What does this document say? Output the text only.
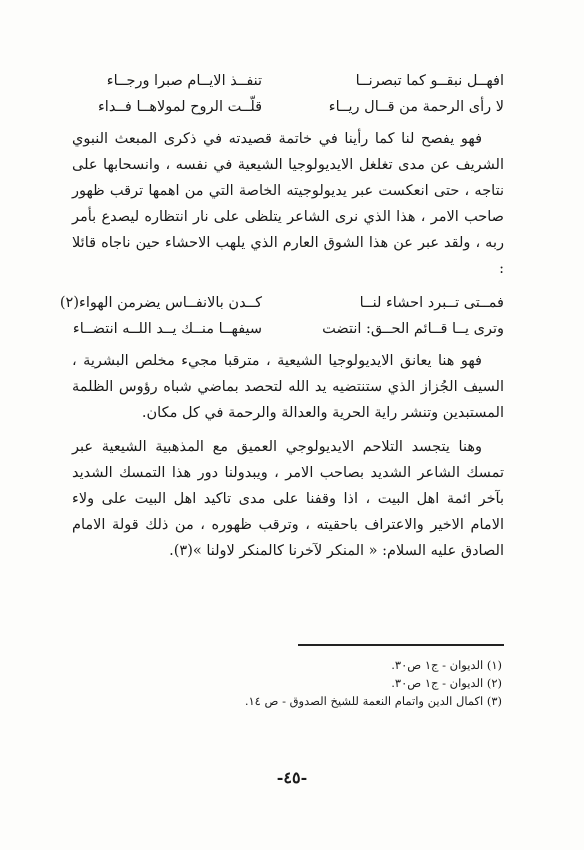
افهــل نبقــو كما تبصرنــا
تنفــذ الايــام صبرا ورجــاء
لا رأى الرحمة من قــال ريــاء
قلّــت الروح لمولاهــا فــداء

فهو يفصح لنا كما رأينا في خاتمة قصيدته في ذكرى المبعث النبوي الشريف عن مدى تغلغل الايديولوجيا الشيعية في نفسه ، وانسحابها على نتاجه ، حتى انعكست عبر يديولوجيته الخاصة التي من اهمها ترقب ظهور صاحب الامر ، هذا الذي نرى الشاعر يتلظى على نار انتظاره ليصدع بأمر ربه ، ولقد عبر عن هذا الشوق العارم الذي يلهب الاحشاء حين ناجاه قائلا :

فمــتى تــبرد احشاء لنــا
كــدن بالانفــاس يضرمن الهواء(٢)
وترى يــا قــائم الحــق: انتضت
سيفهــا منــك يــد اللــه انتضــاء

فهو هنا يعانق الايديولوجيا الشيعية ، مترقبا مجيء مخلص البشرية ، السيف الجُزاز الذي ستنتضيه يد الله لتحصد بماضي شباه رؤوس الظلمة المستبدين وتنشر راية الحرية والعدالة والرحمة في كل مكان.

وهنا يتجسد التلاحم الايديولوجي العميق مع المذهبية الشيعية عبر تمسك الشاعر الشديد بصاحب الامر ، ويبدولنا دور هذا التمسك الشديد بآخر ائمة اهل البيت ، اذا وقفنا على مدى تاكيد اهل البيت على ولاء الامام الاخير والاعتراف باحقيته ، وترقب ظهوره ، من ذلك قولة الامام الصادق عليه السلام: « المنكر لآخرنا كالمنكر لاولنا »(٣).

(١) الديوان - ج١ ص٣٠.
(٢) الديوان - ج١ ص٣٠.
(٣) اكمال الدين واتمام النعمة للشيخ الصدوق - ص ١٤.
-٤٥-
